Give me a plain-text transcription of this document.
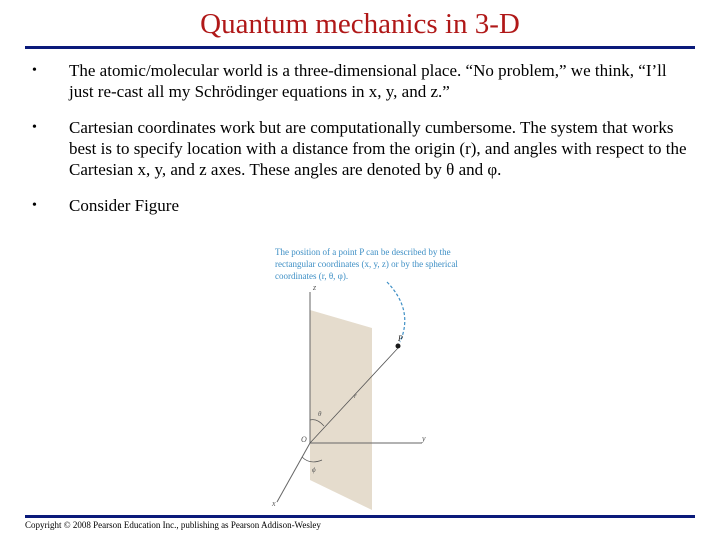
Quantum mechanics in 3-D
• The atomic/molecular world is a three-dimensional place. “No problem,” we think, “I’ll just re-cast all my Schrödinger equations in x, y, and z.”
• Cartesian coordinates work but are computationally cumbersome. The system that works best is to specify location with a distance from the origin (r), and angles with respect to the Cartesian x, y, and z axes. These angles are denoted by θ and φ.
• Consider Figure
The position of a point P can be described by the rectangular coordinates (x, y, z) or by the spherical coordinates (r, θ, φ).
z
y
x
O
P
r
θ
ϕ
Copyright © 2008 Pearson Education Inc., publishing as Pearson Addison-Wesley
